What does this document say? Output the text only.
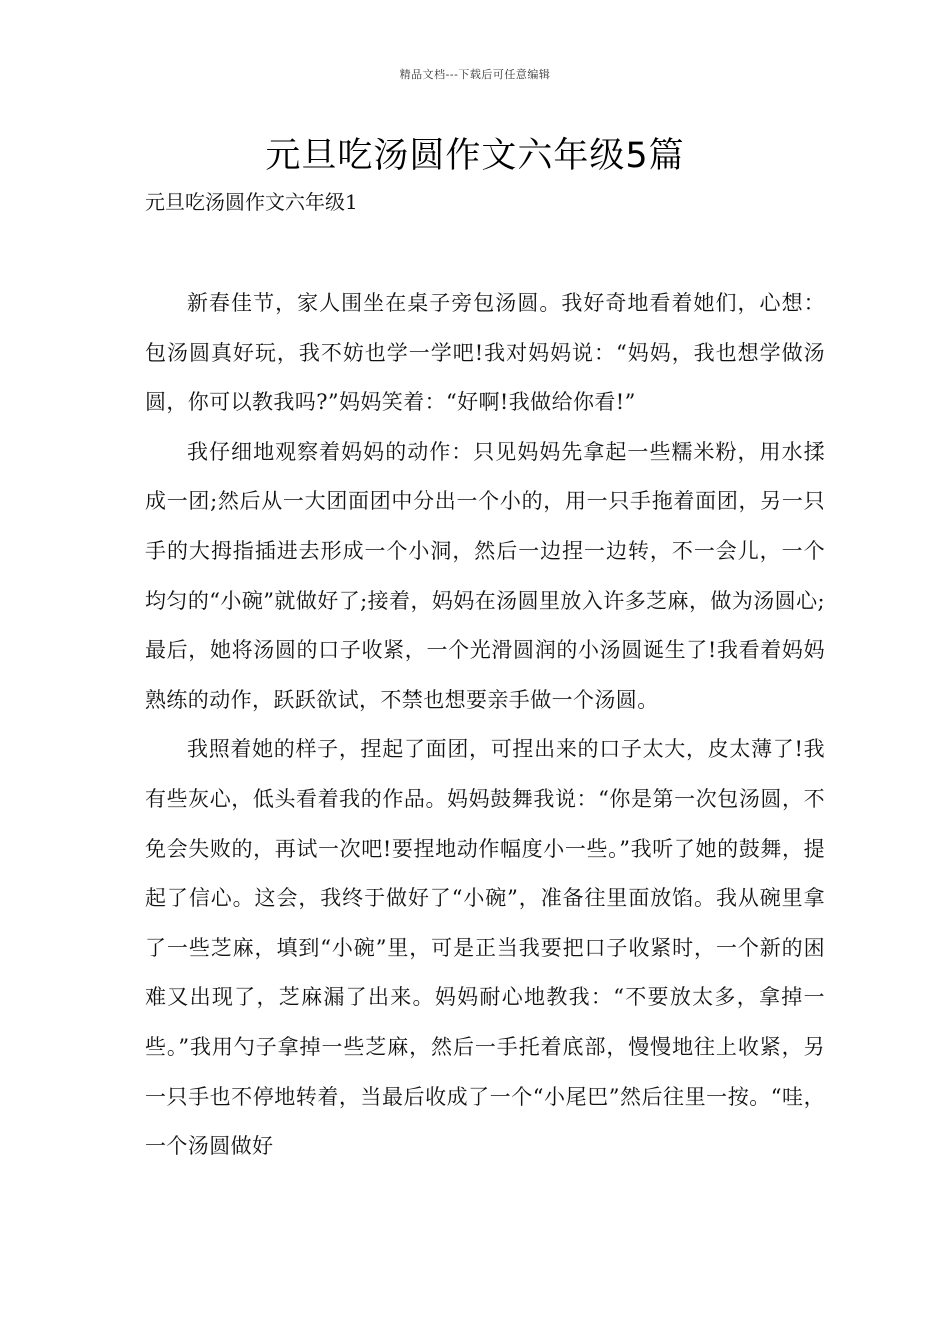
精品文档---下载后可任意编辑
元旦吃汤圆作文六年级5篇
元旦吃汤圆作文六年级1

新春佳节，家人围坐在桌子旁包汤圆。我好奇地看着她们，心想：包汤圆真好玩，我不妨也学一学吧!我对妈妈说：“妈妈，我也想学做汤圆，你可以教我吗?”妈妈笑着：“好啊!我做给你看!”

我仔细地观察着妈妈的动作：只见妈妈先拿起一些糯米粉，用水揉成一团;然后从一大团面团中分出一个小的，用一只手拖着面团，另一只手的大拇指插进去形成一个小洞，然后一边捏一边转，不一会儿，一个均匀的“小碗”就做好了;接着，妈妈在汤圆里放入许多芝麻，做为汤圆心;最后，她将汤圆的口子收紧，一个光滑圆润的小汤圆诞生了!我看着妈妈熟练的动作，跃跃欲试，不禁也想要亲手做一个汤圆。

我照着她的样子，捏起了面团，可捏出来的口子太大，皮太薄了!我有些灰心，低头看着我的作品。妈妈鼓舞我说：“你是第一次包汤圆，不免会失败的，再试一次吧!要捏地动作幅度小一些。”我听了她的鼓舞，提起了信心。这会，我终于做好了“小碗”，准备往里面放馅。我从碗里拿了一些芝麻，填到“小碗”里，可是正当我要把口子收紧时，一个新的困难又出现了，芝麻漏了出来。妈妈耐心地教我：“不要放太多，拿掉一些。”我用勺子拿掉一些芝麻，然后一手托着底部，慢慢地往上收紧，另一只手也不停地转着，当最后收成了一个“小尾巴”然后往里一按。“哇，一个汤圆做好
